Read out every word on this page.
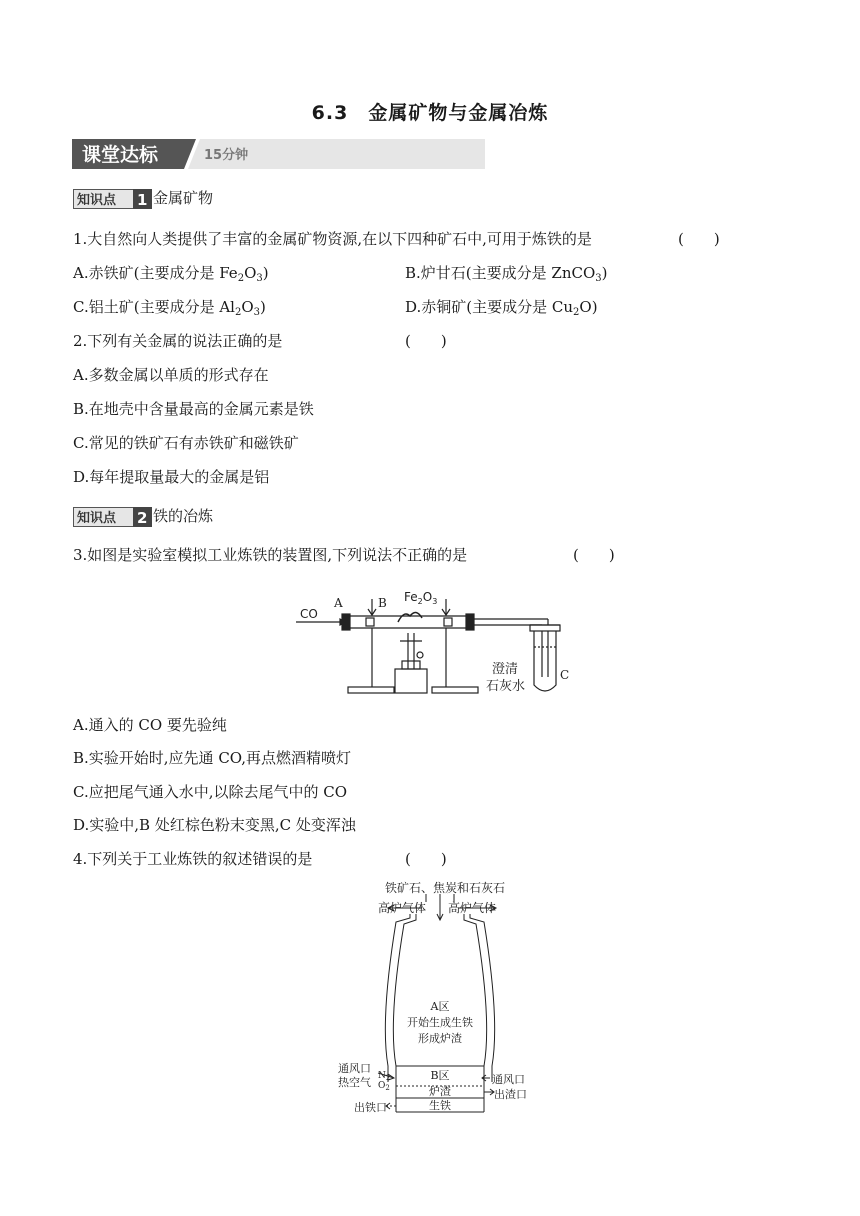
6.3　金属矿物与金属冶炼
课堂达标	15分钟
知识点 1 金属矿物
1.大自然向人类提供了丰富的金属矿物资源,在以下四种矿石中,可用于炼铁的是	(　　)
A.赤铁矿(主要成分是 $Fe_2O_3$)	B.炉甘石(主要成分是 ZnCO$_3$)
C.铝土矿(主要成分是 $Al_2O_3$)	D.赤铜矿(主要成分是 $Cu_2O$)
2.下列有关金属的说法正确的是	(　　)
A.多数金属以单质的形式存在
B.在地壳中含量最高的金属元素是铁
C.常见的铁矿石有赤铁矿和磁铁矿
D.每年提取量最大的金属是铝
知识点 2 铁的冶炼
3.如图是实验室模拟工业炼铁的装置图,下列说法不正确的是	(　　)
CO
A	B $Fe_2O_3$
C
澄清
石灰水
A.通入的 CO 要先验纯
B.实验开始时,应先通 CO,再点燃酒精喷灯
C.应把尾气通入水中,以除去尾气中的 CO
D.实验中,B 处红棕色粉末变黑,C 处变浑浊
4.下列关于工业炼铁的叙述错误的是	(　　)
铁矿石、焦炭和石灰石
高炉气体 高炉气体
A区
开始生成生铁
形成炉渣
通风口
热空气 $N_2$
$O_2$
B区	通风口
炉渣	出渣口
生铁
出铁口
